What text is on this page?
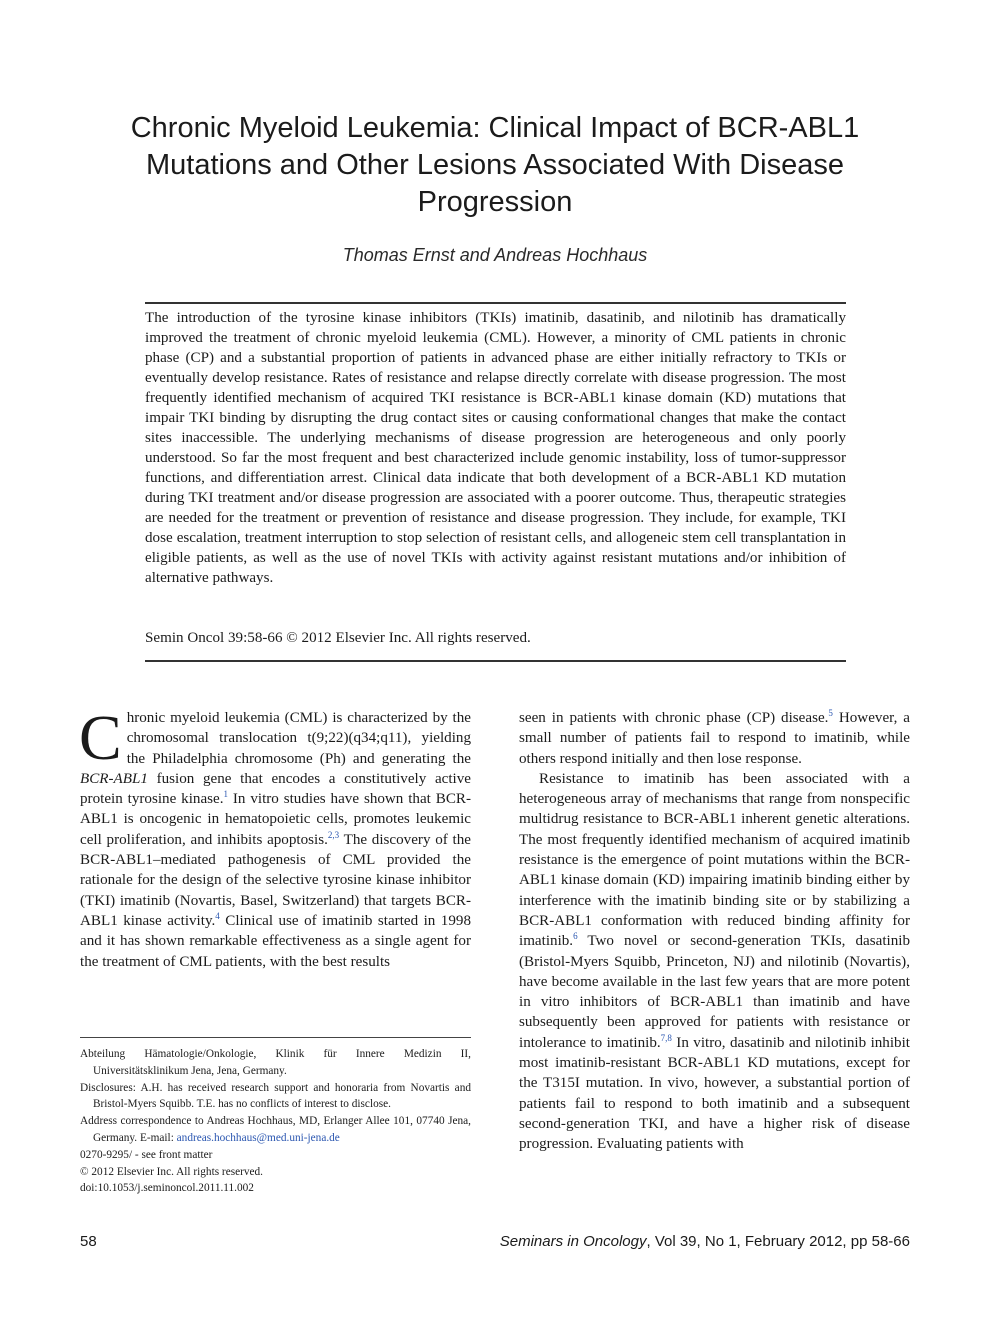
Chronic Myeloid Leukemia: Clinical Impact of BCR-ABL1 Mutations and Other Lesions Associated With Disease Progression

Thomas Ernst and Andreas Hochhaus

The introduction of the tyrosine kinase inhibitors (TKIs) imatinib, dasatinib, and nilotinib has dramatically improved the treatment of chronic myeloid leukemia (CML). However, a minority of CML patients in chronic phase (CP) and a substantial proportion of patients in advanced phase are either initially refractory to TKIs or eventually develop resistance. Rates of resistance and relapse directly correlate with disease progression. The most frequently identified mechanism of acquired TKI resistance is BCR-ABL1 kinase domain (KD) mutations that impair TKI binding by disrupting the drug contact sites or causing conformational changes that make the contact sites inaccessible. The underlying mechanisms of disease progression are heterogeneous and only poorly understood. So far the most frequent and best characterized include genomic instability, loss of tumor-suppressor functions, and differentiation arrest. Clinical data indicate that both development of a BCR-ABL1 KD mutation during TKI treatment and/or disease progression are associated with a poorer outcome. Thus, therapeutic strategies are needed for the treatment or prevention of resistance and disease progression. They include, for example, TKI dose escalation, treatment interruption to stop selection of resistant cells, and allogeneic stem cell transplantation in eligible patients, as well as the use of novel TKIs with activity against resistant mutations and/or inhibition of alternative pathways.

Semin Oncol 39:58-66 © 2012 Elsevier Inc. All rights reserved.

Chronic myeloid leukemia (CML) is characterized by the chromosomal translocation t(9;22)(q34;q11), yielding the Philadelphia chromosome (Ph) and generating the BCR-ABL1 fusion gene that encodes a constitutively active protein tyrosine kinase.$^1$ In vitro studies have shown that BCR-ABL1 is oncogenic in hematopoietic cells, promotes leukemic cell proliferation, and inhibits apoptosis.$^{2,3}$ The discovery of the BCR-ABL1–mediated pathogenesis of CML provided the rationale for the design of the selective tyrosine kinase inhibitor (TKI) imatinib (Novartis, Basel, Switzerland) that targets BCR-ABL1 kinase activity.$^4$ Clinical use of imatinib started in 1998 and it has shown remarkable effectiveness as a single agent for the treatment of CML patients, with the best results

Abteilung Hämatologie/Onkologie, Klinik für Innere Medizin II, Universitätsklinikum Jena, Jena, Germany.

Disclosures: A.H. has received research support and honoraria from Novartis and Bristol-Myers Squibb. T.E. has no conflicts of interest to disclose.

Address correspondence to Andreas Hochhaus, MD, Erlanger Allee 101, 07740 Jena, Germany. E-mail: andreas.hochhaus@med.uni-jena.de

0270-9295/ - see front matter

© 2012 Elsevier Inc. All rights reserved.

doi:10.1053/j.seminoncol.2011.11.002

seen in patients with chronic phase (CP) disease.$^5$ However, a small number of patients fail to respond to imatinib, while others respond initially and then lose response.

Resistance to imatinib has been associated with a heterogeneous array of mechanisms that range from nonspecific multidrug resistance to BCR-ABL1 inherent genetic alterations. The most frequently identified mechanism of acquired imatinib resistance is the emergence of point mutations within the BCR-ABL1 kinase domain (KD) impairing imatinib binding either by interference with the imatinib binding site or by stabilizing a BCR-ABL1 conformation with reduced binding affinity for imatinib.$^6$ Two novel or second-generation TKIs, dasatinib (Bristol-Myers Squibb, Princeton, NJ) and nilotinib (Novartis), have become available in the last few years that are more potent in vitro inhibitors of BCR-ABL1 than imatinib and have subsequently been approved for patients with resistance or intolerance to imatinib.$^{7,8}$ In vitro, dasatinib and nilotinib inhibit most imatinib-resistant BCR-ABL1 KD mutations, except for the T315I mutation. In vivo, however, a substantial portion of patients fail to respond to both imatinib and a subsequent second-generation TKI, and have a higher risk of disease progression. Evaluating patients with

58	Seminars in Oncology, Vol 39, No 1, February 2012, pp 58-66
